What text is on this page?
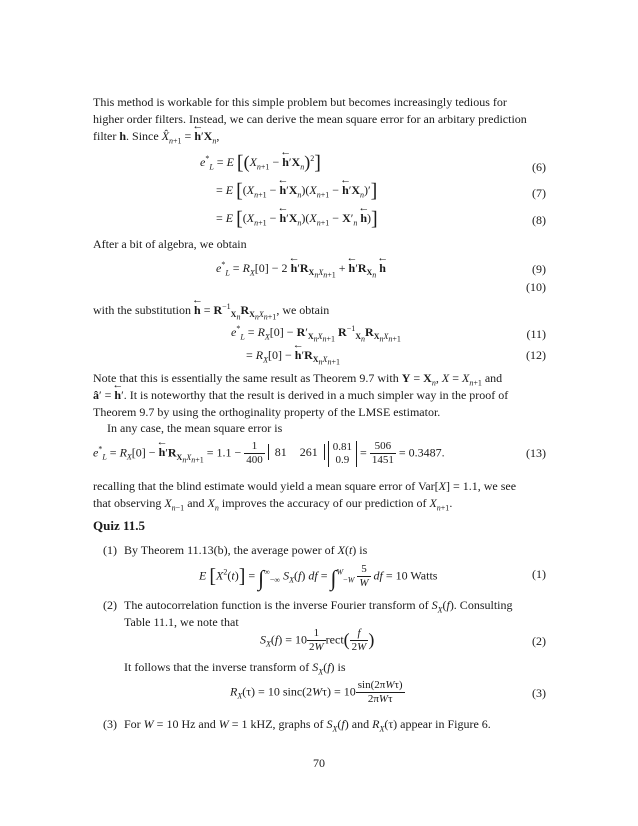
This method is workable for this simple problem but becomes increasingly tedious for
higher order filters. Instead, we can derive the mean square error for an arbitary prediction
filter h. Since $X̂_{n+1}$ = ← $h'X_n$,
$e^*_L = E$ [($X_{n+1}$ − ← $h'X_n)^2$]	(6)
= E [($X_{n+1}$ − ← $h'X_n)(X_{n+1}$ − ← $h'X_n)'$]	(7)
= E [($X_{n+1}$ − ← $h'X_n)(X_{n+1} - X'_n$ ← h)]	(8)
After a bit of algebra, we obtain
$e^*_L = R_X[0] - 2$ ← $h'R_{X_nX_{n+1}}$ + ← $h'R_{X_n}$ ← h	(9)
(10)
with the substitution ← $h = R^{-1}_{X_n}R_{X_nX_{n+1}}$, we obtain
$e^*_L = R_X[0] - R'_{X_nX_{n+1}}$ $R^{-1}_{X_n}R_{X_nX_{n+1}}$	(11)
= $R_X[0]$ − ← $h'R_{X_nX_{n+1}}$
(12)
Note that this is essentially the same result as Theorem 9.7 with $Y = X_n$, $X = X_{n+1}$ and
â′ = ← h′. It is noteworthy that the result is derived in a much simpler way in the proof of
Theorem 9.7 by using the orthoginality property of the LMSE estimator.
In any case, the mean square error is
$e^*_L = R_X[0]$ − ← $h'R_{X_nX_{n+1}} = 1.1 - \frac{1}{400} 81$ 261 0.81
0.9
= $\frac{506}{1451} = 0.3487$.	(13)
recalling that the blind estimate would yield a mean square error of Var[X] = 1.1, we see
that observing $X_{n-1}$ and $X_n$ improves the accuracy of our prediction of $X_{n+1}$.
Quiz 11.5
(1) By Theorem 11.13(b), the average power of X(t) is
E $[X^2(t)] = \int^\infty_{-\infty}$ $S_X(f)$ df = $\int^W_{-W} \frac{5}{W}$ df = 10 Watts	(1)
(2) The autocorrelation function is the inverse Fourier transform of $S_X(f)$. Consulting
Table 11.1, we note that
$S_X(f) = 10 \frac{1}{2W}$ rect( $\frac{f}{2W}$ )	(2)
It follows that the inverse transform of $S_X(f)$ is
$R_X(\tau) = 10$ $\sin c(2W\tau) = 10 \frac{\text{sin(2πWτ)}}{\text{2πWτ}}$	(3)
(3) For W = 10 Hz and W = 1 kHZ, graphs of $S_X(f)$ and $R_X(\tau)$ appear in Figure 6.
70
